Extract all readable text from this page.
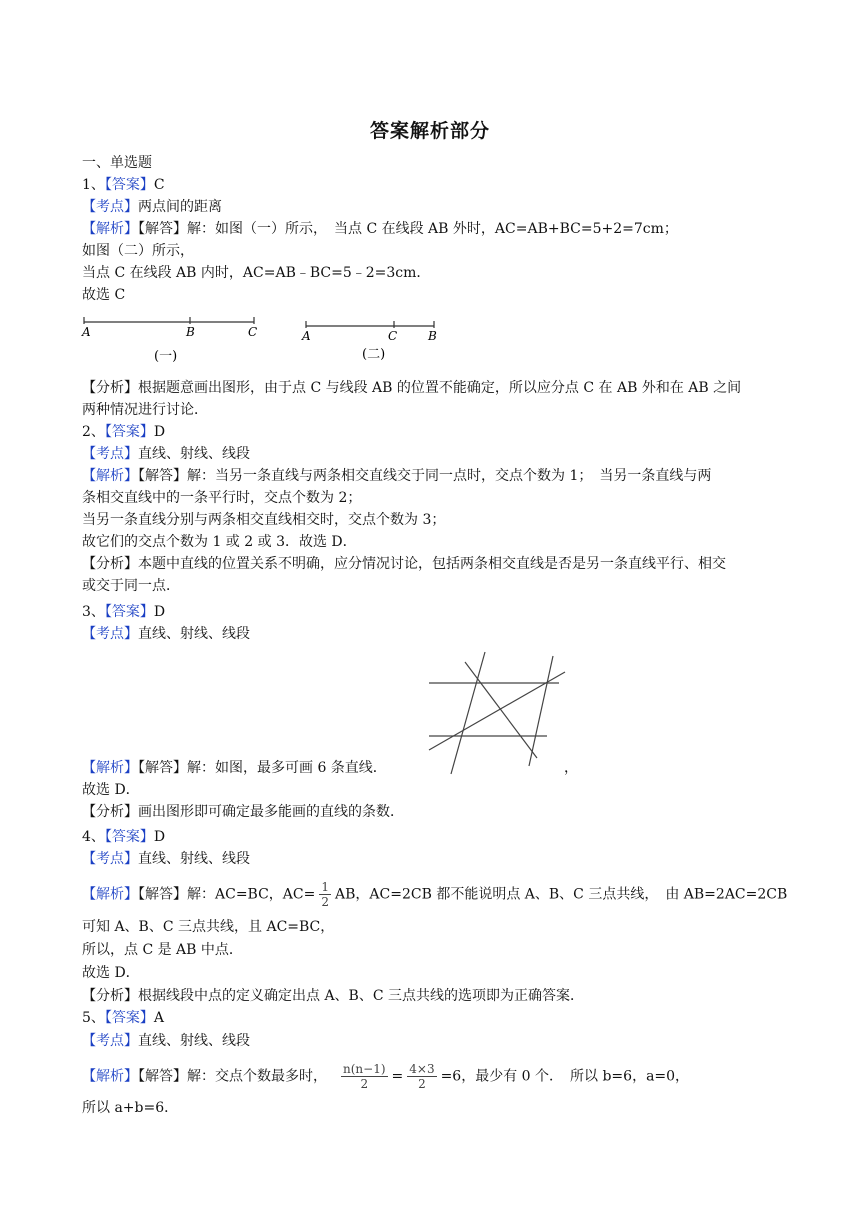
答案解析部分
一、单选题
1、【答案】C
【考点】两点间的距离
【解析】【解答】解：如图（一）所示，　当点 C 在线段 AB 外时，AC=AB+BC=5+2=7cm；
如图（二）所示，
当点 C 在线段 AB 内时，AC=AB﹣BC=5﹣2=3cm．
故选 C
A	B	C
(一)
A	C	B
(二)
【分析】根据题意画出图形，由于点 C 与线段 AB 的位置不能确定，所以应分点 C 在 AB 外和在 AB 之间
两种情况进行讨论．
2、【答案】D
【考点】直线、射线、线段
【解析】【解答】解：当另一条直线与两条相交直线交于同一点时，交点个数为 1；　当另一条直线与两
条相交直线中的一条平行时，交点个数为 2；
当另一条直线分别与两条相交直线相交时，交点个数为 3；
故它们的交点个数为 1 或 2 或 3．故选 D．
【分析】本题中直线的位置关系不明确，应分情况讨论，包括两条相交直线是否是另一条直线平行、相交
或交于同一点．
3、【答案】D
【考点】直线、射线、线段
【解析】【解答】解：如图，最多可画 6 条直线．	，
故选 D．
【分析】画出图形即可确定最多能画的直线的条数．
4、【答案】D
【考点】直线、射线、线段
【解析】【解答】解：AC=BC，$AC= \frac{1}{2}$ AB，AC=2CB 都不能说明点 A、B、C 三点共线，　由 AB=2AC=2CB
可知 A、B、C 三点共线，且 AC=BC，
所以，点 C 是 AB 中点．
故选 D．
【分析】根据线段中点的定义确定出点 A、B、C 三点共线的选项即为正确答案．
5、【答案】A
【考点】直线、射线、线段
【解析】【解答】解：交点个数最多时， $\frac{n(n-1)}{2} = \frac{4\times 3}{2} =6$，最少有 0 个．　所以 b=6，a=0，
所以 a+b=6．
